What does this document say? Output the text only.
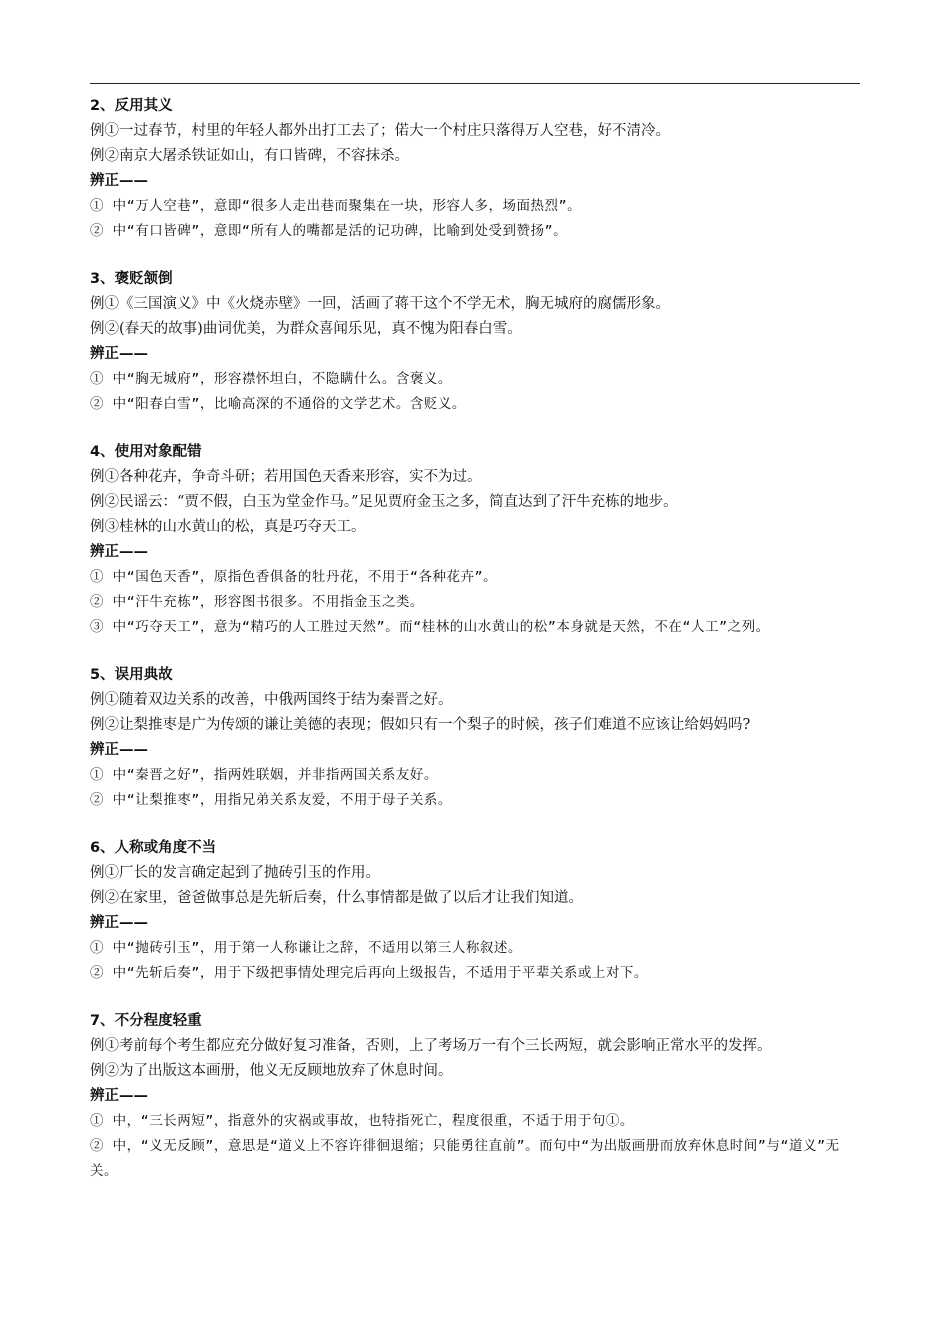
2、反用其义
例①一过春节，村里的年轻人都外出打工去了；偌大一个村庄只落得万人空巷，好不清冷。
例②南京大屠杀铁证如山，有口皆碑，不容抹杀。
辨正——
① 中“万人空巷”，意即“很多人走出巷而聚集在一块，形容人多，场面热烈”。
② 中“有口皆碑”，意即“所有人的嘴都是活的记功碑，比喻到处受到赞扬”。
3、褒贬颔倒
例①《三国演义》中《火烧赤壁》一回，活画了蒋干这个不学无术，胸无城府的腐儒形象。
例②(春天的故事)曲词优美，为群众喜闻乐见，真不愧为阳春白雪。
辨正——
① 中“胸无城府”，形容襟怀坦白，不隐瞒什么。含褒义。
② 中“阳春白雪”，比喻高深的不通俗的文学艺术。含贬义。
4、使用对象配错
例①各种花卉，争奇斗研；若用国色天香来形容，实不为过。
例②民谣云：“贾不假，白玉为堂金作马。”足见贾府金玉之多，简直达到了汗牛充栋的地步。
例③桂林的山水黄山的松，真是巧夺天工。
辨正——
① 中“国色天香”，原指色香俱备的牡丹花，不用于“各种花卉”。
② 中“汗牛充栋”，形容图书很多。不用指金玉之类。
③ 中“巧夺天工”，意为“精巧的人工胜过天然”。而“桂林的山水黄山的松”本身就是天然，不在“人工”之列。
5、误用典故
例①随着双边关系的改善，中俄两国终于结为秦晋之好。
例②让梨推枣是广为传颂的谦让美德的表现；假如只有一个梨子的时候，孩子们难道不应该让给妈妈吗?
辨正——
① 中“秦晋之好”，指两姓联姻，并非指两国关系友好。
② 中“让梨推枣”，用指兄弟关系友爱，不用于母子关系。
6、人称或角度不当
例①厂长的发言确定起到了抛砖引玉的作用。
例②在家里，爸爸做事总是先斩后奏，什么事情都是做了以后才让我们知道。
辨正——
① 中“抛砖引玉”，用于第一人称谦让之辞，不适用以第三人称叙述。
② 中“先斩后奏”，用于下级把事情处理完后再向上级报告，不适用于平辈关系或上对下。
7、不分程度轻重
例①考前每个考生都应充分做好复习准备，否则，上了考场万一有个三长两短，就会影响正常水平的发挥。
例②为了出版这本画册，他义无反顾地放弃了休息时间。
辨正——
① 中，“三长两短”，指意外的灾祸或事故，也特指死亡，程度很重，不适于用于句①。
② 中，“义无反顾”，意思是“道义上不容许徘徊退缩；只能勇往直前”。而句中“为出版画册而放弃休息时间”与“道义”无关。
